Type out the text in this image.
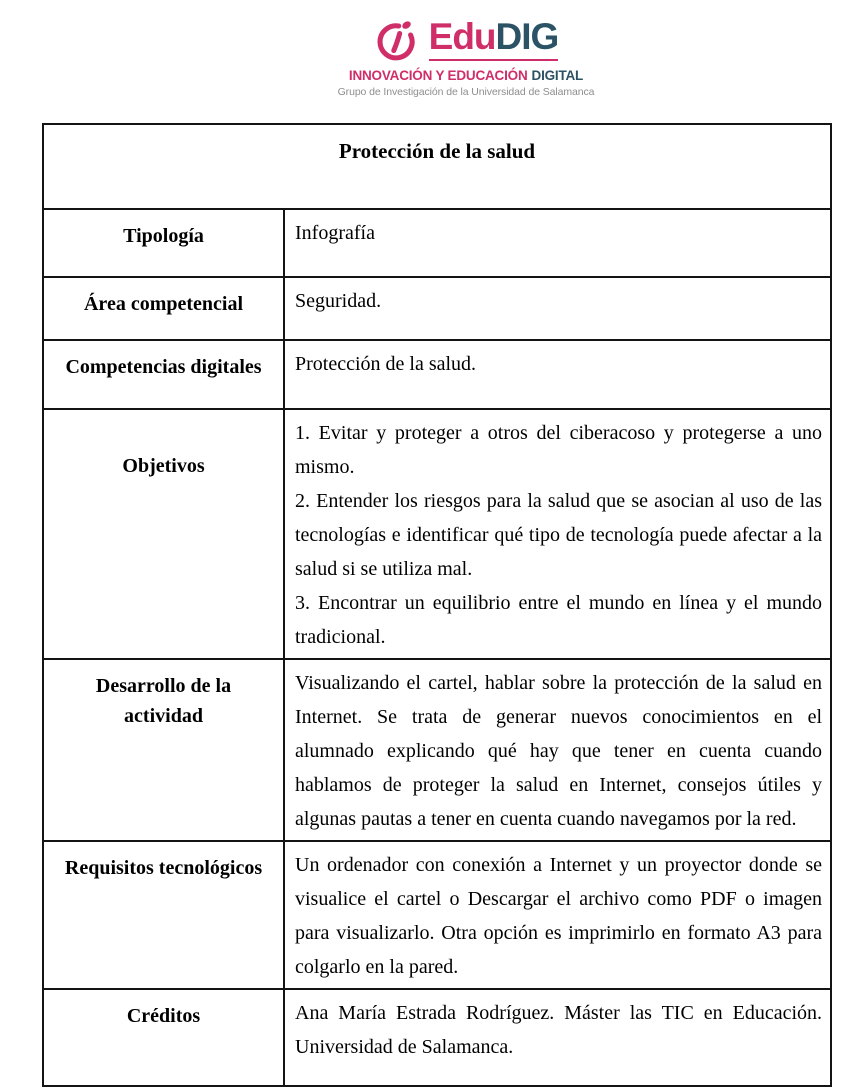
EduDIG
INNOVACIÓN Y EDUCACIÓN DIGITAL
Grupo de Investigación de la Universidad de Salamanca
Protección de la salud	
Tipología	Infografía

Área competencial	Seguridad.

Competencias digitales	Protección de la salud.

Objetivos	1. Evitar y proteger a otros del ciberacoso y protegerse a uno mismo.

2. Entender los riesgos para la salud que se asocian al uso de las tecnologías e identificar qué tipo de tecnología puede afectar a la salud si se utiliza mal.

3. Encontrar un equilibrio entre el mundo en línea y el mundo tradicional.

Desarrollo de la actividad	Visualizando el cartel, hablar sobre la protección de la salud en Internet. Se trata de generar nuevos conocimientos en el alumnado explicando qué hay que tener en cuenta cuando hablamos de proteger la salud en Internet, consejos útiles y algunas pautas a tener en cuenta cuando navegamos por la red.

Requisitos tecnológicos	Un ordenador con conexión a Internet y un proyector donde se visualice el cartel o Descargar el archivo como PDF o imagen para visualizarlo. Otra opción es imprimirlo en formato A3 para colgarlo en la pared.

Créditos	Ana María Estrada Rodríguez. Máster las TIC en Educación. Universidad de Salamanca.
